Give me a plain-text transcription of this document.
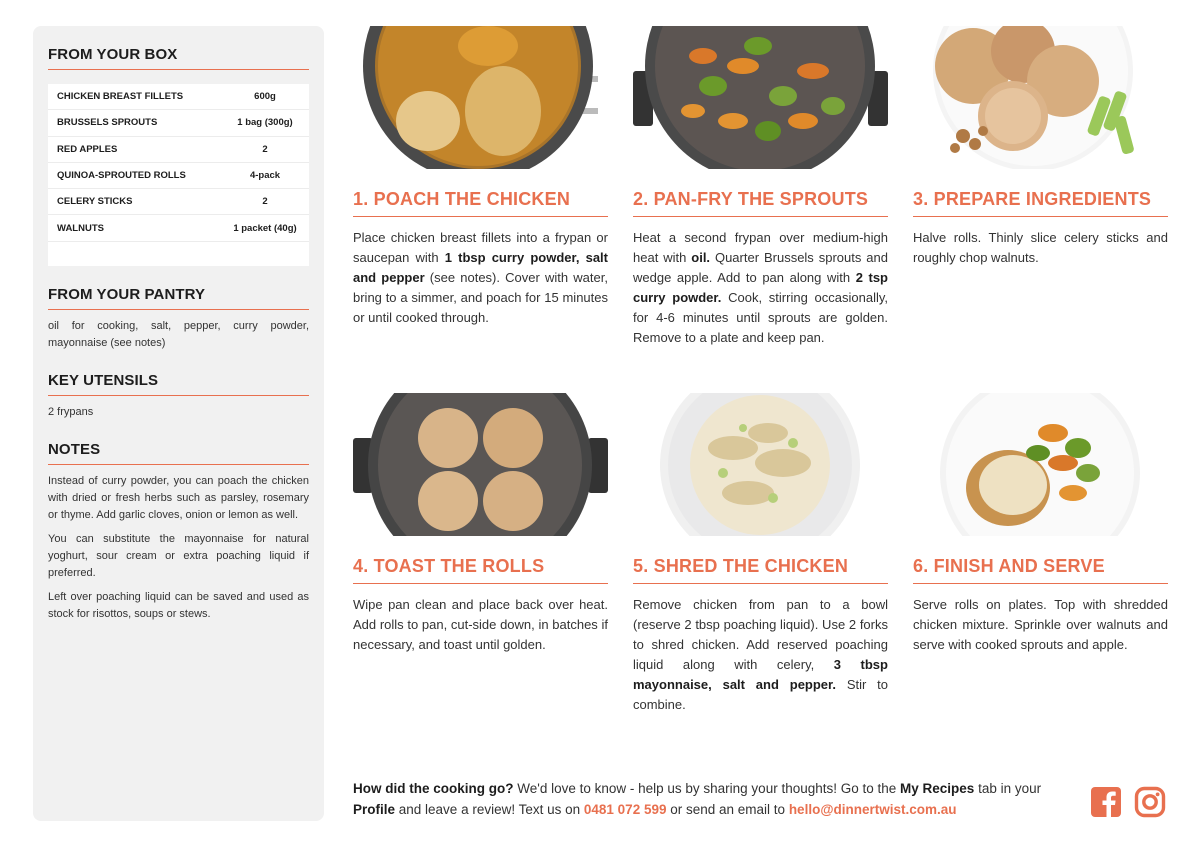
FROM YOUR BOX
CHICKEN BREAST FILLETS	600g
BRUSSELS SPROUTS	1 bag (300g)
RED APPLES	2
QUINOA-SPROUTED ROLLS	4-pack
CELERY STICKS	2
WALNUTS	1 packet (40g)
FROM YOUR PANTRY
oil for cooking, salt, pepper, curry powder, mayonnaise (see notes)
KEY UTENSILS
2 frypans
NOTES

Instead of curry powder, you can poach the chicken with dried or fresh herbs such as parsley, rosemary or thyme. Add garlic cloves, onion or lemon as well.

You can substitute the mayonnaise for natural yoghurt, sour cream or extra poaching liquid if preferred.

Left over poaching liquid can be saved and used as stock for risottos, soups or stews.

1. POACH THE CHICKEN
Place chicken breast fillets into a frypan or saucepan with 1 tbsp curry powder, salt and pepper (see notes). Cover with water, bring to a simmer, and poach for 15 minutes or until cooked through.
2. PAN-FRY THE SPROUTS
Heat a second frypan over medium-high heat with oil. Quarter Brussels sprouts and wedge apple. Add to pan along with 2 tsp curry powder. Cook, stirring occasionally, for 4-6 minutes until sprouts are golden. Remove to a plate and keep pan.
3. PREPARE INGREDIENTS
Halve rolls. Thinly slice celery sticks and roughly chop walnuts.
4. TOAST THE ROLLS
Wipe pan clean and place back over heat. Add rolls to pan, cut-side down, in batches if necessary, and toast until golden.
5. SHRED THE CHICKEN
Remove chicken from pan to a bowl (reserve 2 tbsp poaching liquid). Use 2 forks to shred chicken. Add reserved poaching liquid along with celery, 3 tbsp mayonnaise, salt and pepper. Stir to combine.
6. FINISH AND SERVE
Serve rolls on plates. Top with shredded chicken mixture. Sprinkle over walnuts and serve with cooked sprouts and apple.
How did the cooking go? We'd love to know - help us by sharing your thoughts! Go to the My Recipes tab in your Profile and leave a review! Text us on 0481 072 599 or send an email to hello@dinnertwist.com.au
